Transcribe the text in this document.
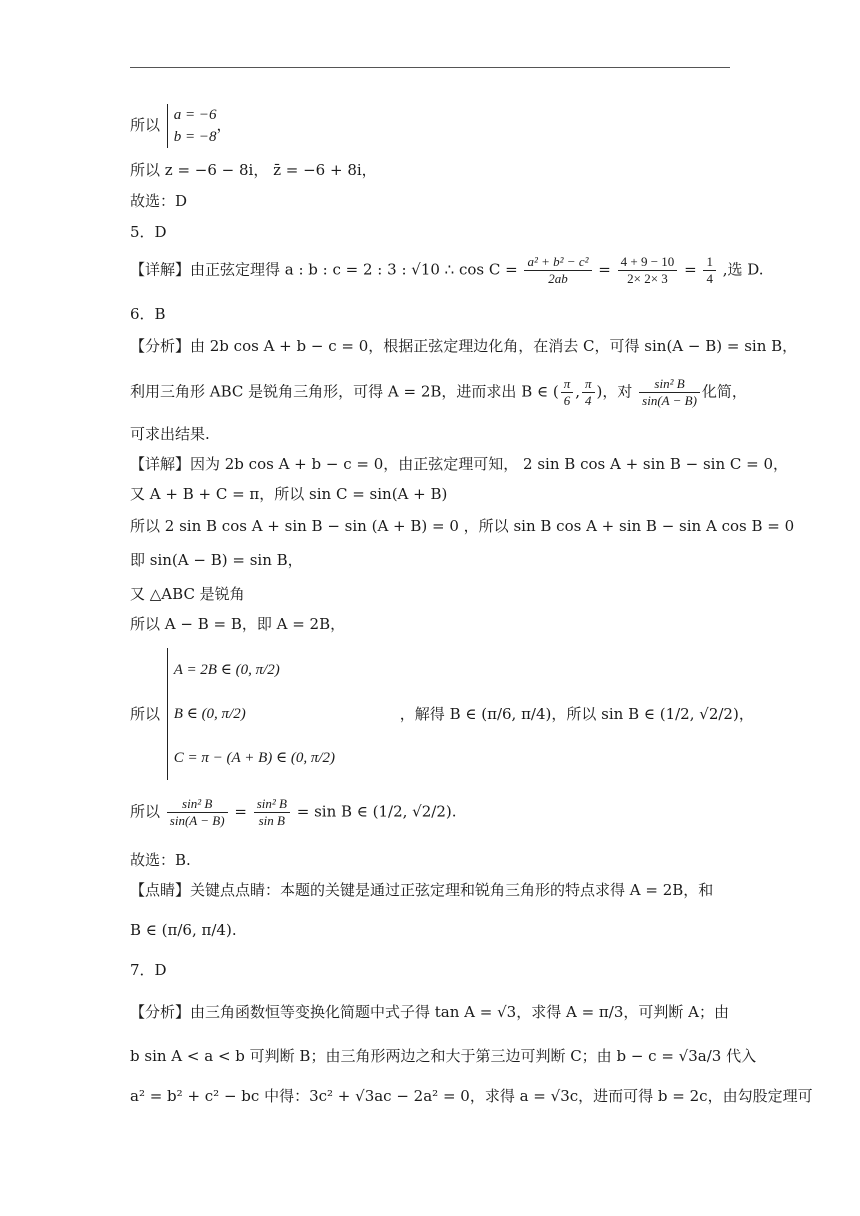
所以
a = −6
b = −8
，
所以 z = −6 − 8i， z̄ = −6 + 8i，
故选：D
5．D
【详解】由正弦定理得 a : b : c = 2 : 3 : √10 ∴ $\cos C = \frac{\text{a² + b² − c²}}{2ab} = \frac{4 + 9 - 10}{2\times 2\times 3} = \frac{1}{4}$ ,选 D.
6．B
【分析】由 2b cos A + b − c = 0，根据正弦定理边化角，在消去 C，可得 sin(A − B) = sin B，
利用三角形 ABC 是锐角三角形，可得 A = 2B，进而求出 B ∈ ( $\frac{\pi}{6}$ , $\frac{\pi}{4}$ )，对 $\frac{\text{sin² B}}{\sin(A - B)}$ 化简，
可求出结果.
【详解】因为 2b cos A + b − c = 0，由正弦定理可知， 2 sin B cos A + sin B − sin C = 0，
又 A + B + C = π，所以 sin C = sin(A + B)
所以 2 sin B cos A + sin B − sin (A + B) = 0 ，所以 sin B cos A + sin B − sin A cos B = 0
即 sin(A − B) = sin B，
又 △ABC 是锐角
所以 A − B = B，即 A = 2B，
所以
A = 2B ∈ (0, π/2)
B ∈ (0, π/2)
C = π − (A + B) ∈ (0, π/2)
，解得 B ∈ (π/6, π/4)，所以 sin B ∈ (1/2, √2/2)，
所以 $\frac{\text{sin² B}}{\sin(A - B)} = \frac{\text{sin² B}}{\text{sin B}} = \sin B$ ∈ (1/2, √2/2).
故选：B.
【点睛】关键点点睛：本题的关键是通过正弦定理和锐角三角形的特点求得 A = 2B，和
B ∈ (π/6, π/4).
7．D
【分析】由三角函数恒等变换化简题中式子得 tan A = √3，求得 A = π/3，可判断 A；由
b sin A < a < b 可判断 B；由三角形两边之和大于第三边可判断 C；由 b − c = √3a/3 代入
a² = b² + c² − bc 中得：3c² + √3ac − 2a² = 0，求得 a = √3c，进而可得 b = 2c，由勾股定理可
